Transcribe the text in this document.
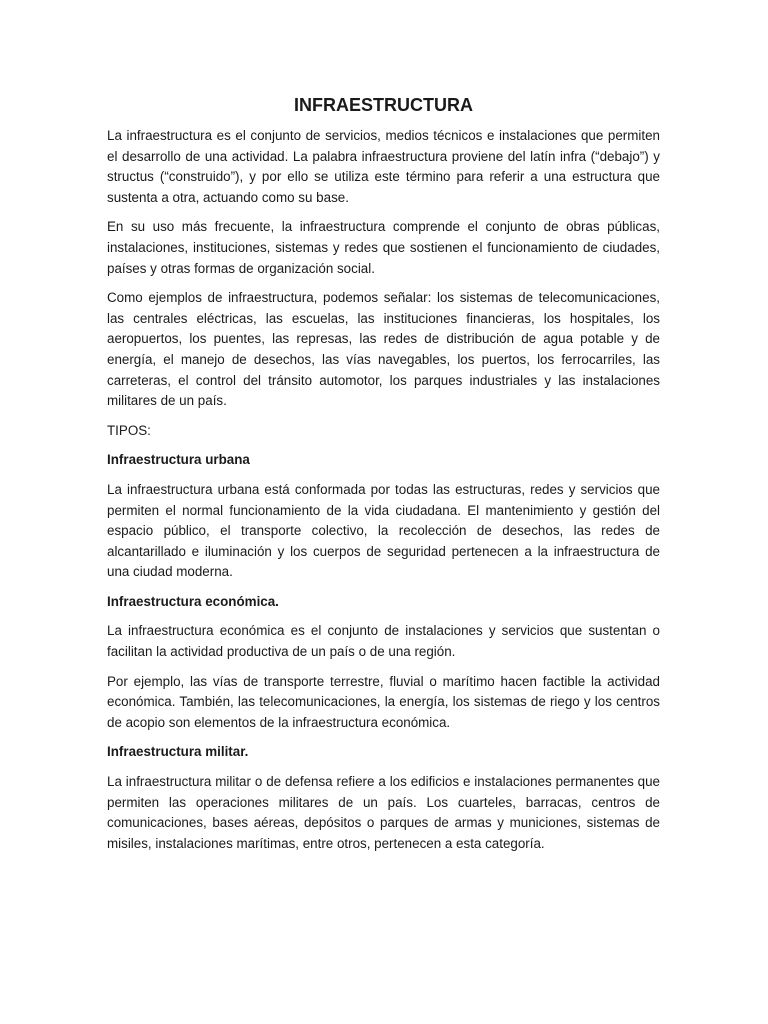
INFRAESTRUCTURA

La infraestructura es el conjunto de servicios, medios técnicos e instalaciones que permiten el desarrollo de una actividad. La palabra infraestructura proviene del latín infra (“debajo”) y structus (“construido”), y por ello se utiliza este término para referir a una estructura que sustenta a otra, actuando como su base.

En su uso más frecuente, la infraestructura comprende el conjunto de obras públicas, instalaciones, instituciones, sistemas y redes que sostienen el funcionamiento de ciudades, países y otras formas de organización social.

Como ejemplos de infraestructura, podemos señalar: los sistemas de telecomunicaciones, las centrales eléctricas, las escuelas, las instituciones financieras, los hospitales, los aeropuertos, los puentes, las represas, las redes de distribución de agua potable y de energía, el manejo de desechos, las vías navegables, los puertos, los ferrocarriles, las carreteras, el control del tránsito automotor, los parques industriales y las instalaciones militares de un país.

TIPOS:

Infraestructura urbana

La infraestructura urbana está conformada por todas las estructuras, redes y servicios que permiten el normal funcionamiento de la vida ciudadana. El mantenimiento y gestión del espacio público, el transporte colectivo, la recolección de desechos, las redes de alcantarillado e iluminación y los cuerpos de seguridad pertenecen a la infraestructura de una ciudad moderna.

Infraestructura económica.

La infraestructura económica es el conjunto de instalaciones y servicios que sustentan o facilitan la actividad productiva de un país o de una región.

Por ejemplo, las vías de transporte terrestre, fluvial o marítimo hacen factible la actividad económica. También, las telecomunicaciones, la energía, los sistemas de riego y los centros de acopio son elementos de la infraestructura económica.

Infraestructura militar.

La infraestructura militar o de defensa refiere a los edificios e instalaciones permanentes que permiten las operaciones militares de un país. Los cuarteles, barracas, centros de comunicaciones, bases aéreas, depósitos o parques de armas y municiones, sistemas de misiles, instalaciones marítimas, entre otros, pertenecen a esta categoría.
